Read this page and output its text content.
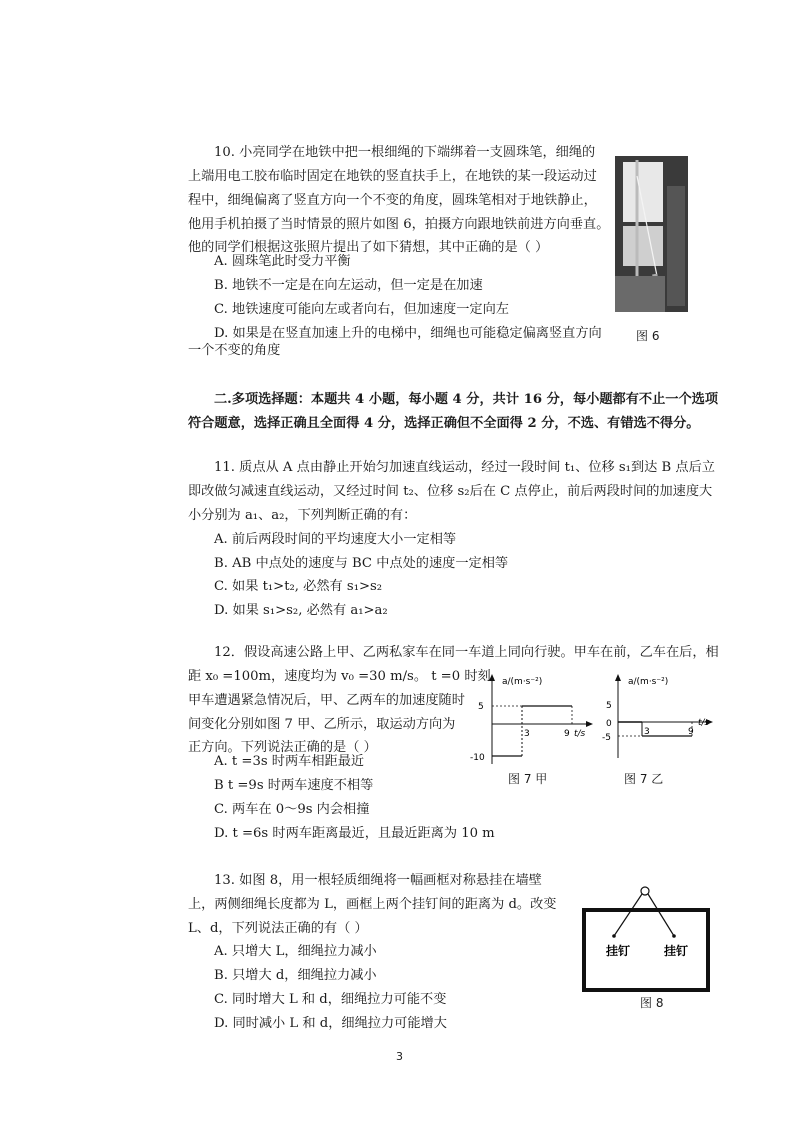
10. 小亮同学在地铁中把一根细绳的下端绑着一支圆珠笔，细绳的
上端用电工胶布临时固定在地铁的竖直扶手上，在地铁的某一段运动过
程中，细绳偏离了竖直方向一个不变的角度，圆珠笔相对于地铁静止，
他用手机拍摄了当时情景的照片如图 6，拍摄方向跟地铁前进方向垂直。
他的同学们根据这张照片提出了如下猜想，其中正确的是（ ）
A. 圆珠笔此时受力平衡
B. 地铁不一定是在向左运动，但一定是在加速
C. 地铁速度可能向左或者向右，但加速度一定向左
D. 如果是在竖直加速上升的电梯中，细绳也可能稳定偏离竖直方向
一个不变的角度
图 6
二.多项选择题：本题共 4 小题，每小题 4 分，共计 16 分，每小题都有不止一个选项
符合题意，选择正确且全面得 4 分，选择正确但不全面得 2 分，不选、有错选不得分。
11. 质点从 A 点由静止开始匀加速直线运动，经过一段时间 t₁、位移 s₁到达 B 点后立
即改做匀减速直线运动，又经过时间 t₂、位移 s₂后在 C 点停止，前后两段时间的加速度大
小分别为 a₁、a₂，下列判断正确的有：
A. 前后两段时间的平均速度大小一定相等
B. AB 中点处的速度与 BC 中点处的速度一定相等
C. 如果 t₁>t₂, 必然有 s₁>s₂
D. 如果 s₁>s₂, 必然有 a₁>a₂
12．假设高速公路上甲、乙两私家车在同一车道上同向行驶。甲车在前，乙车在后，相
距 x₀ =100m，速度均为 v₀ =30 m/s。 t =0 时刻
甲车遭遇紧急情况后，甲、乙两车的加速度随时
间变化分别如图 7 甲、乙所示，取运动方向为
正方向。下列说法正确的是（ ）
A. t =3s 时两车相距最近
B t =9s 时两车速度不相等
C. 两车在 0～9s 内会相撞
D. t =6s 时两车距离最近，且最近距离为 10 m
a/(m·s⁻²)
t/s
5
-10
3	9
图 7 甲
a/(m·s⁻²)
t/s
5
0
-5
3	9
图 7 乙
13. 如图 8，用一根轻质细绳将一幅画框对称悬挂在墙壁
上，两侧细绳长度都为 L，画框上两个挂钉间的距离为 d。改变
L、d，下列说法正确的有（ ）
A. 只增大 L，细绳拉力减小
B. 只增大 d，细绳拉力减小
C. 同时增大 L 和 d，细绳拉力可能不变
D. 同时减小 L 和 d，细绳拉力可能增大
挂钉	挂钉
图 8
3
